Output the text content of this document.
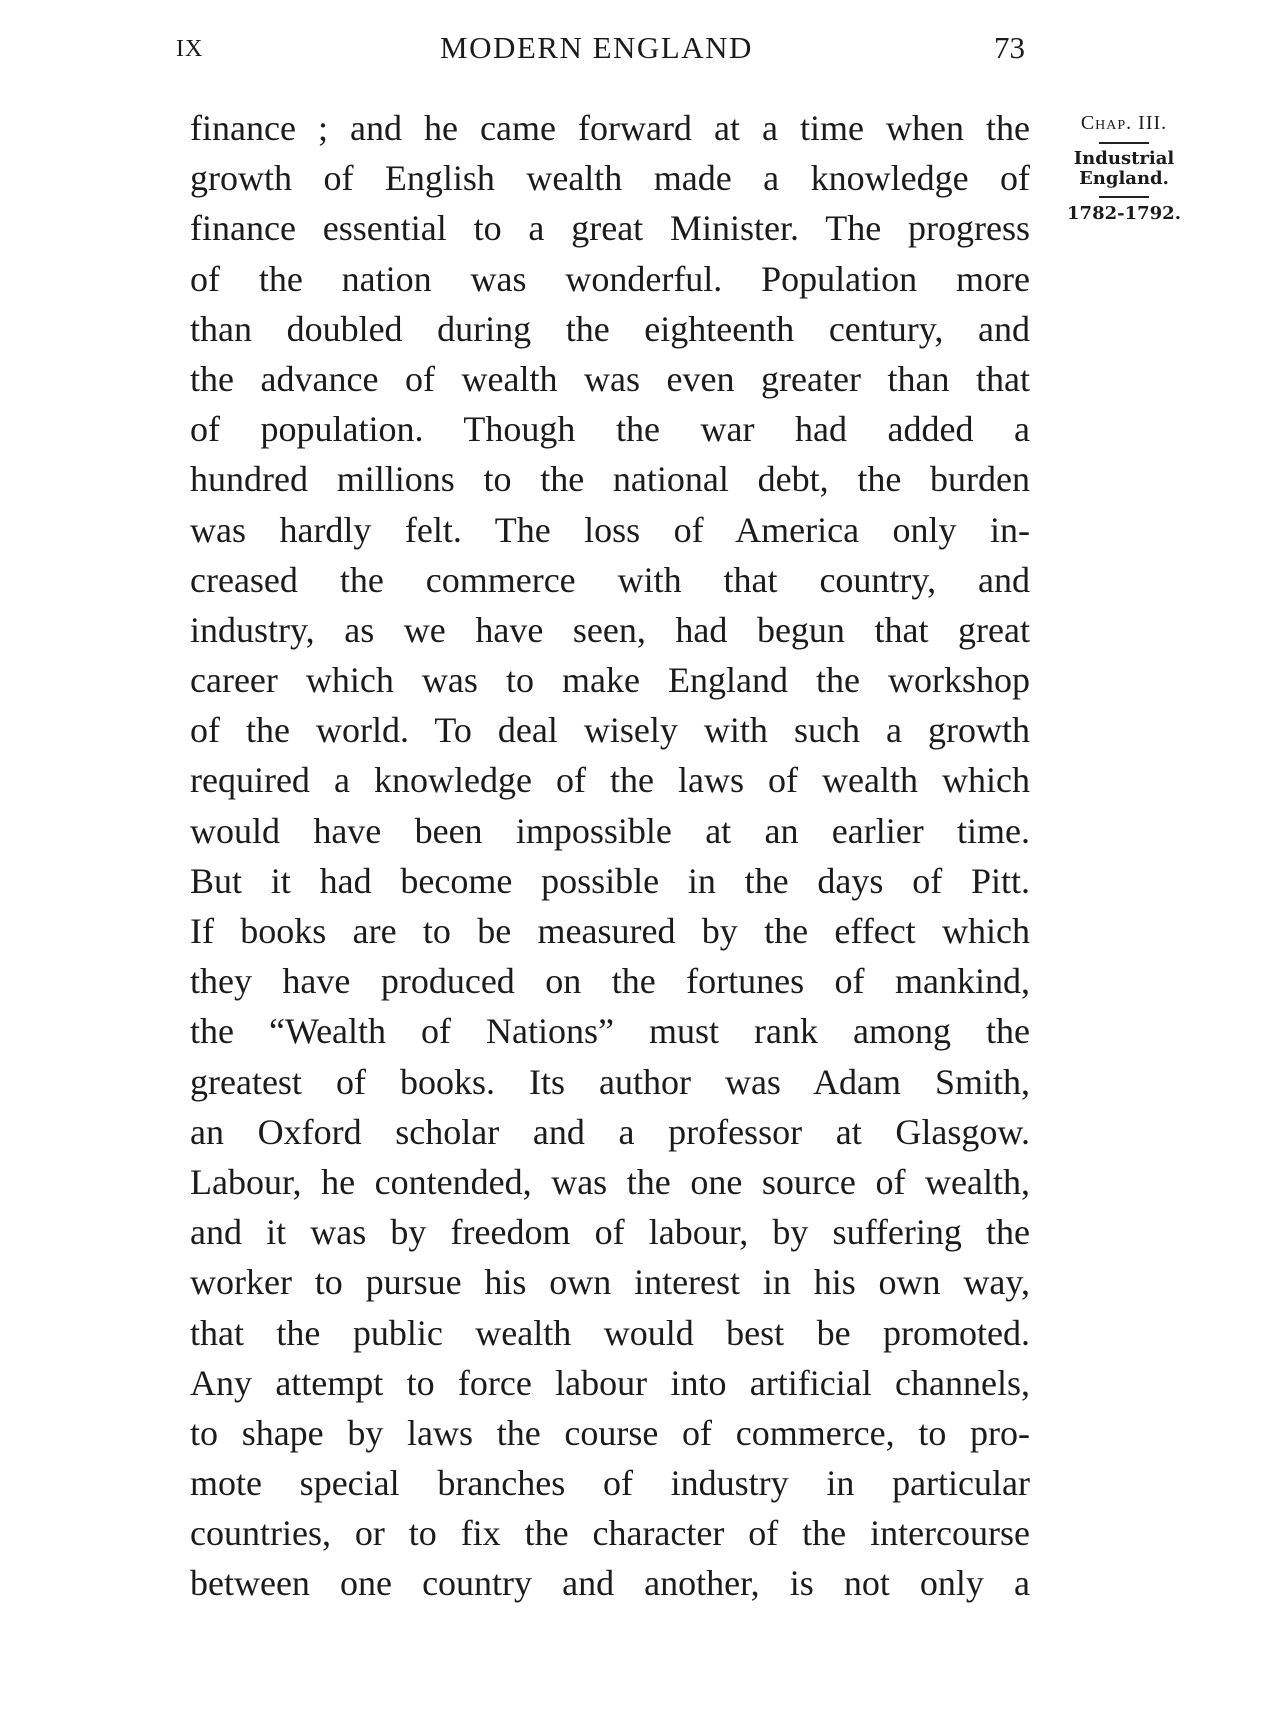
IX	MODERN ENGLAND	73
Chap. III.
Industrial
England.
1782-1792.
finance ; and he came forward at a time when the
growth of English wealth made a knowledge of
finance essential to a great Minister. The progress
of the nation was wonderful. Population more
than doubled during the eighteenth century, and
the advance of wealth was even greater than that
of population. Though the war had added a
hundred millions to the national debt, the burden
was hardly felt. The loss of America only in-
creased the commerce with that country, and
industry, as we have seen, had begun that great
career which was to make England the workshop
of the world. To deal wisely with such a growth
required a knowledge of the laws of wealth which
would have been impossible at an earlier time.
But it had become possible in the days of Pitt.
If books are to be measured by the effect which
they have produced on the fortunes of mankind,
the “Wealth of Nations” must rank among the
greatest of books. Its author was Adam Smith,
an Oxford scholar and a professor at Glasgow.
Labour, he contended, was the one source of wealth,
and it was by freedom of labour, by suffering the
worker to pursue his own interest in his own way,
that the public wealth would best be promoted.
Any attempt to force labour into artificial channels,
to shape by laws the course of commerce, to pro-
mote special branches of industry in particular
countries, or to fix the character of the intercourse
between one country and another, is not only a
